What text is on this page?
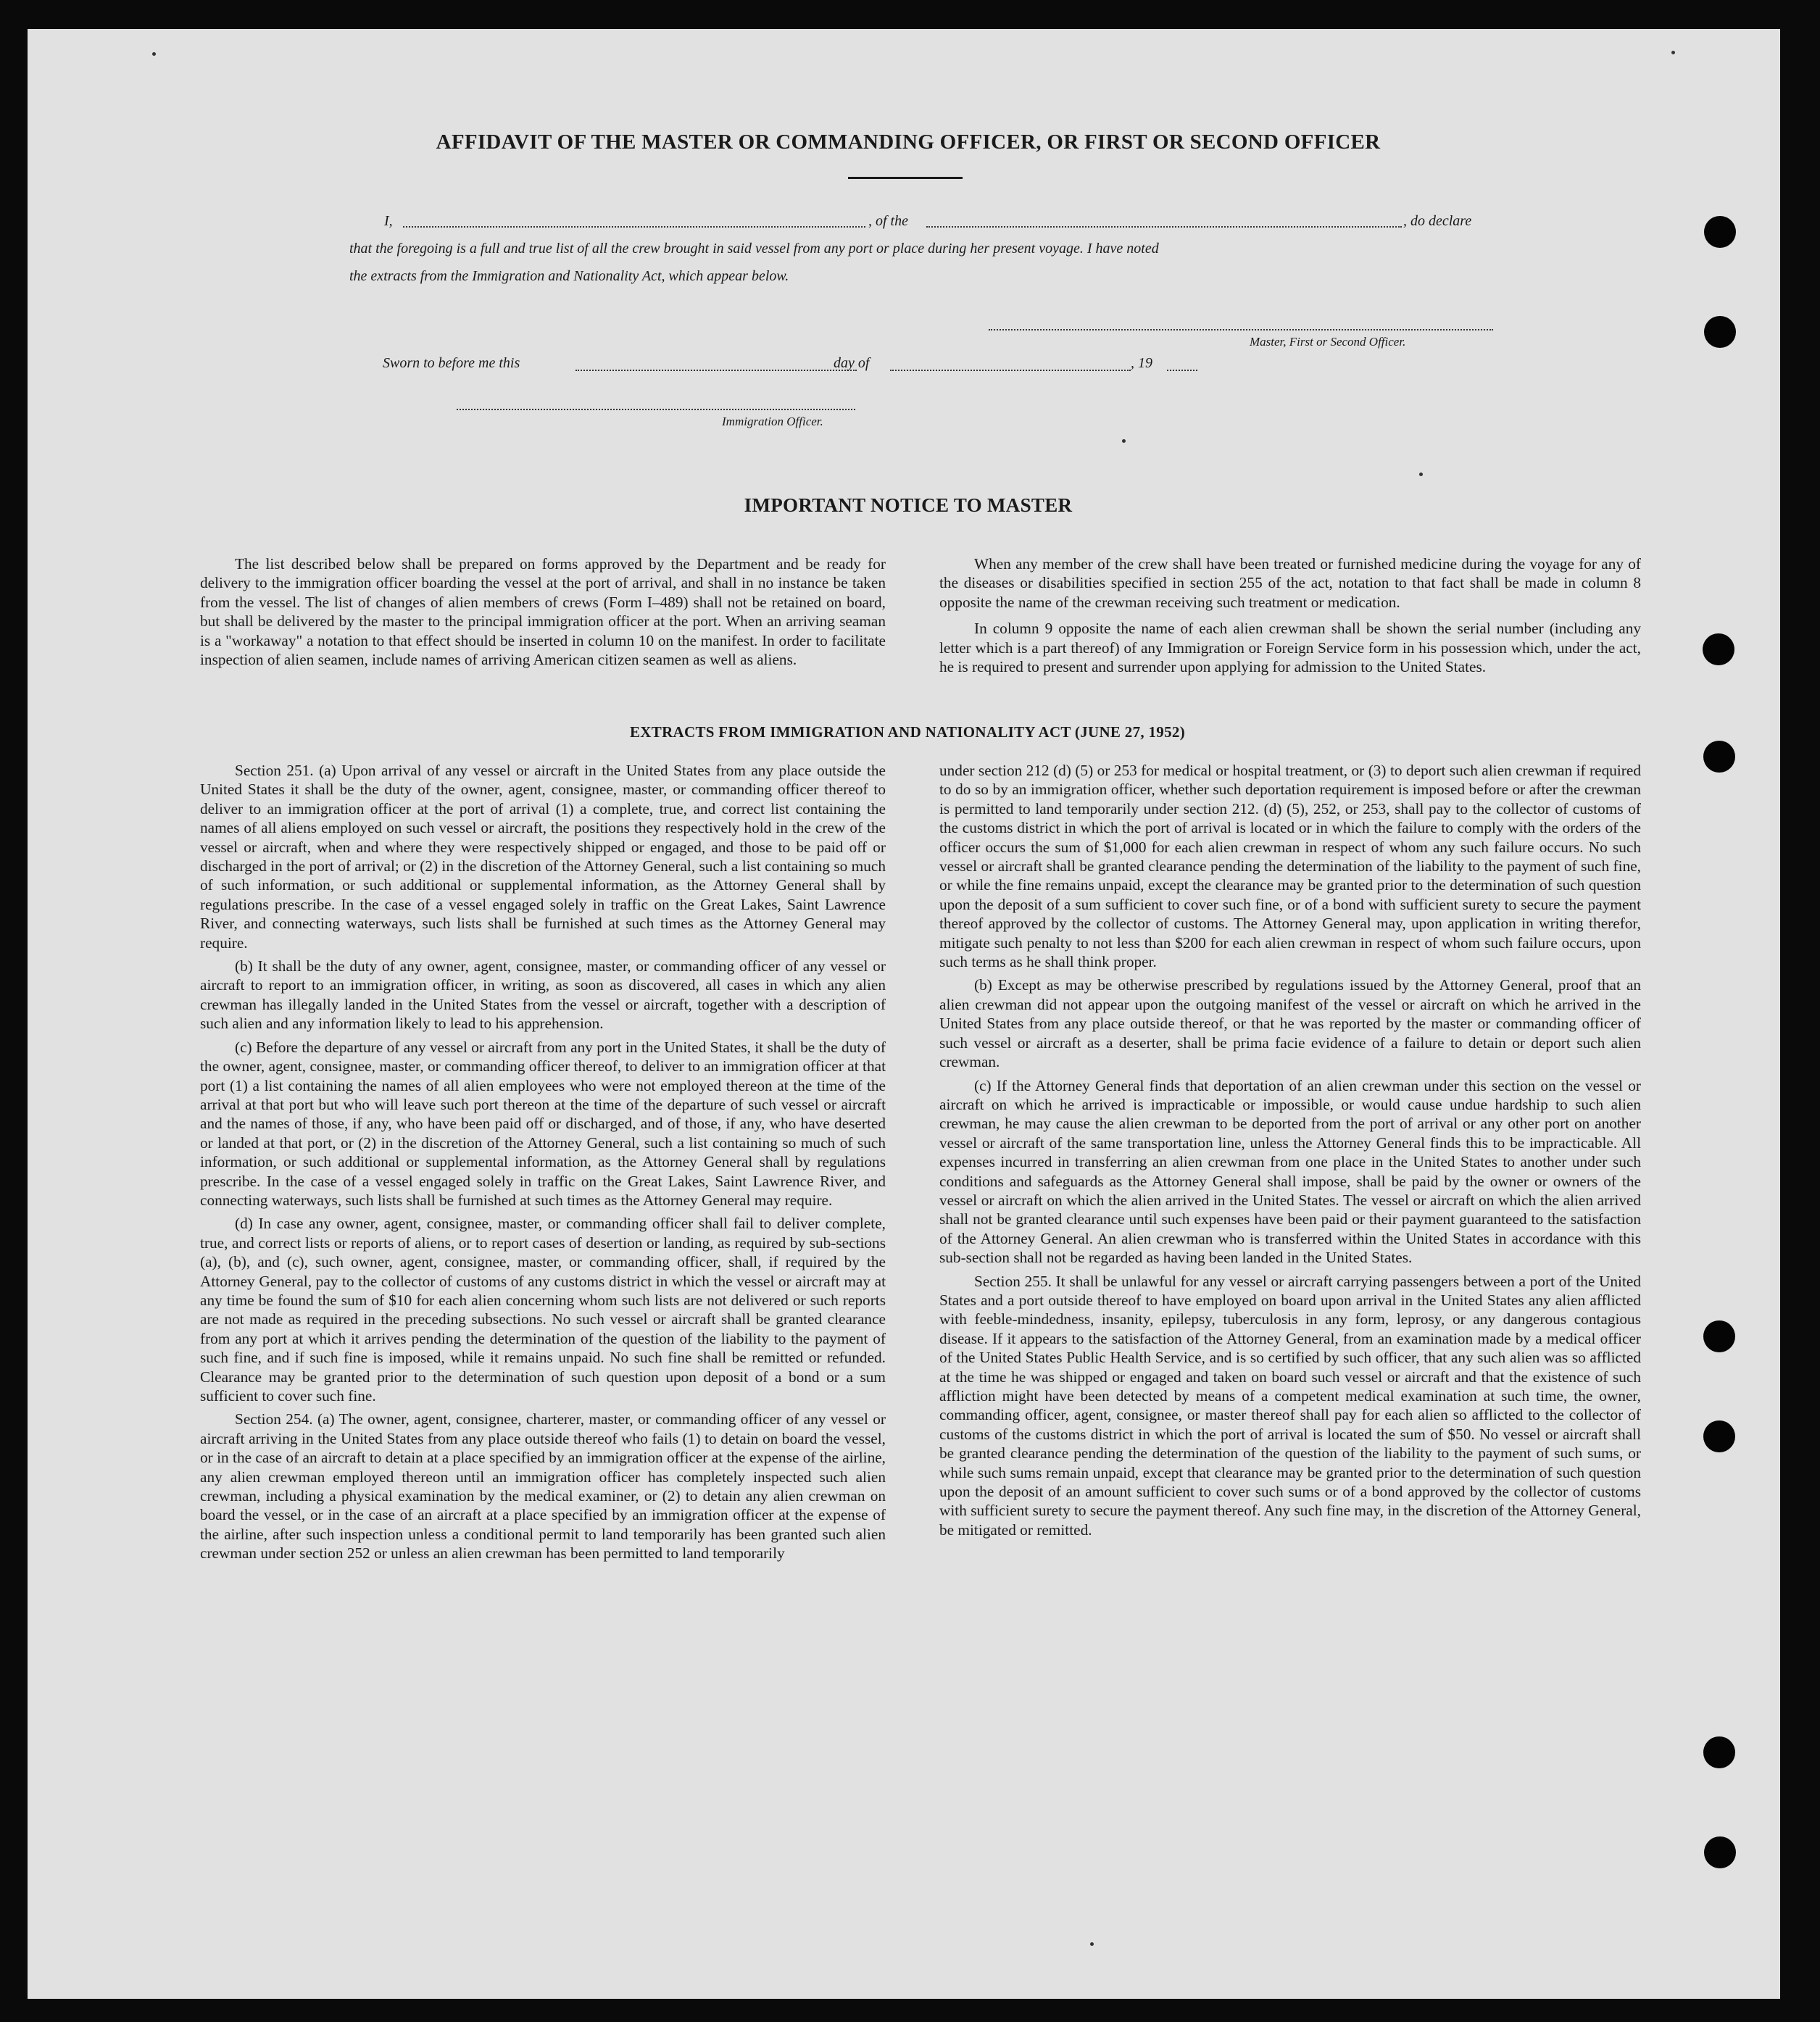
AFFIDAVIT OF THE MASTER OR COMMANDING OFFICER, OR FIRST OR SECOND OFFICER
I,	, of the	, do declare
that the foregoing is a full and true list of all the crew brought in said vessel from any port or place during her present voyage. I have noted
the extracts from the Immigration and Nationality Act, which appear below.
Master, First or Second Officer.
Sworn to before me this	day of	, 19
Immigration Officer.
IMPORTANT NOTICE TO MASTER

The list described below shall be prepared on forms approved by the Department and be ready for delivery to the immigration officer boarding the vessel at the port of arrival, and shall in no instance be taken from the vessel. The list of changes of alien members of crews (Form I–489) shall not be retained on board, but shall be delivered by the master to the principal immigration officer at the port. When an arriving seaman is a "workaway" a notation to that effect should be inserted in column 10 on the manifest. In order to facilitate inspection of alien seamen, include names of arriving American citizen seamen as well as aliens.

When any member of the crew shall have been treated or furnished medicine during the voyage for any of the diseases or disabilities specified in section 255 of the act, notation to that fact shall be made in column 8 opposite the name of the crewman receiving such treatment or medication.

In column 9 opposite the name of each alien crewman shall be shown the serial number (including any letter which is a part thereof) of any Immigration or Foreign Service form in his possession which, under the act, he is required to present and surrender upon applying for admission to the United States.

EXTRACTS FROM IMMIGRATION AND NATIONALITY ACT (JUNE 27, 1952)

Section 251. (a) Upon arrival of any vessel or aircraft in the United States from any place outside the United States it shall be the duty of the owner, agent, consignee, master, or commanding officer thereof to deliver to an immigration officer at the port of arrival (1) a complete, true, and correct list containing the names of all aliens employed on such vessel or aircraft, the positions they respectively hold in the crew of the vessel or aircraft, when and where they were respectively shipped or engaged, and those to be paid off or discharged in the port of arrival; or (2) in the discretion of the Attorney General, such a list containing so much of such information, or such additional or supplemental information, as the Attorney General shall by regulations prescribe. In the case of a vessel engaged solely in traffic on the Great Lakes, Saint Lawrence River, and connecting waterways, such lists shall be furnished at such times as the Attorney General may require.

(b) It shall be the duty of any owner, agent, consignee, master, or commanding officer of any vessel or aircraft to report to an immigration officer, in writing, as soon as discovered, all cases in which any alien crewman has illegally landed in the United States from the vessel or aircraft, together with a description of such alien and any information likely to lead to his apprehension.

(c) Before the departure of any vessel or aircraft from any port in the United States, it shall be the duty of the owner, agent, consignee, master, or commanding officer thereof, to deliver to an immigration officer at that port (1) a list containing the names of all alien employees who were not employed thereon at the time of the arrival at that port but who will leave such port thereon at the time of the departure of such vessel or aircraft and the names of those, if any, who have been paid off or discharged, and of those, if any, who have deserted or landed at that port, or (2) in the discretion of the Attorney General, such a list containing so much of such information, or such additional or supplemental information, as the Attorney General shall by regulations prescribe. In the case of a vessel engaged solely in traffic on the Great Lakes, Saint Lawrence River, and connecting waterways, such lists shall be furnished at such times as the Attorney General may require.

(d) In case any owner, agent, consignee, master, or commanding officer shall fail to deliver complete, true, and correct lists or reports of aliens, or to report cases of desertion or landing, as required by sub-sections (a), (b), and (c), such owner, agent, consignee, master, or commanding officer, shall, if required by the Attorney General, pay to the collector of customs of any customs district in which the vessel or aircraft may at any time be found the sum of $10 for each alien concerning whom such lists are not delivered or such reports are not made as required in the preceding subsections. No such vessel or aircraft shall be granted clearance from any port at which it arrives pending the determination of the question of the liability to the payment of such fine, and if such fine is imposed, while it remains unpaid. No such fine shall be remitted or refunded. Clearance may be granted prior to the determination of such question upon deposit of a bond or a sum sufficient to cover such fine.

Section 254. (a) The owner, agent, consignee, charterer, master, or commanding officer of any vessel or aircraft arriving in the United States from any place outside thereof who fails (1) to detain on board the vessel, or in the case of an aircraft to detain at a place specified by an immigration officer at the expense of the airline, any alien crewman employed thereon until an immigration officer has completely inspected such alien crewman, including a physical examination by the medical examiner, or (2) to detain any alien crewman on board the vessel, or in the case of an aircraft at a place specified by an immigration officer at the expense of the airline, after such inspection unless a conditional permit to land temporarily has been granted such alien crewman under section 252 or unless an alien crewman has been permitted to land temporarily

under section 212 (d) (5) or 253 for medical or hospital treatment, or (3) to deport such alien crewman if required to do so by an immigration officer, whether such deportation requirement is imposed before or after the crewman is permitted to land temporarily under section 212. (d) (5), 252, or 253, shall pay to the collector of customs of the customs district in which the port of arrival is located or in which the failure to comply with the orders of the officer occurs the sum of $1,000 for each alien crewman in respect of whom any such failure occurs. No such vessel or aircraft shall be granted clearance pending the determination of the liability to the payment of such fine, or while the fine remains unpaid, except the clearance may be granted prior to the determination of such question upon the deposit of a sum sufficient to cover such fine, or of a bond with sufficient surety to secure the payment thereof approved by the collector of customs. The Attorney General may, upon application in writing therefor, mitigate such penalty to not less than $200 for each alien crewman in respect of whom such failure occurs, upon such terms as he shall think proper.

(b) Except as may be otherwise prescribed by regulations issued by the Attorney General, proof that an alien crewman did not appear upon the outgoing manifest of the vessel or aircraft on which he arrived in the United States from any place outside thereof, or that he was reported by the master or commanding officer of such vessel or aircraft as a deserter, shall be prima facie evidence of a failure to detain or deport such alien crewman.

(c) If the Attorney General finds that deportation of an alien crewman under this section on the vessel or aircraft on which he arrived is impracticable or impossible, or would cause undue hardship to such alien crewman, he may cause the alien crewman to be deported from the port of arrival or any other port on another vessel or aircraft of the same transportation line, unless the Attorney General finds this to be impracticable. All expenses incurred in transferring an alien crewman from one place in the United States to another under such conditions and safeguards as the Attorney General shall impose, shall be paid by the owner or owners of the vessel or aircraft on which the alien arrived in the United States. The vessel or aircraft on which the alien arrived shall not be granted clearance until such expenses have been paid or their payment guaranteed to the satisfaction of the Attorney General. An alien crewman who is transferred within the United States in accordance with this sub-section shall not be regarded as having been landed in the United States.

Section 255. It shall be unlawful for any vessel or aircraft carrying passengers between a port of the United States and a port outside thereof to have employed on board upon arrival in the United States any alien afflicted with feeble-mindedness, insanity, epilepsy, tuberculosis in any form, leprosy, or any dangerous contagious disease. If it appears to the satisfaction of the Attorney General, from an examination made by a medical officer of the United States Public Health Service, and is so certified by such officer, that any such alien was so afflicted at the time he was shipped or engaged and taken on board such vessel or aircraft and that the existence of such affliction might have been detected by means of a competent medical examination at such time, the owner, commanding officer, agent, consignee, or master thereof shall pay for each alien so afflicted to the collector of customs of the customs district in which the port of arrival is located the sum of $50. No vessel or aircraft shall be granted clearance pending the determination of the question of the liability to the payment of such sums, or while such sums remain unpaid, except that clearance may be granted prior to the determination of such question upon the deposit of an amount sufficient to cover such sums or of a bond approved by the collector of customs with sufficient surety to secure the payment thereof. Any such fine may, in the discretion of the Attorney General, be mitigated or remitted.
